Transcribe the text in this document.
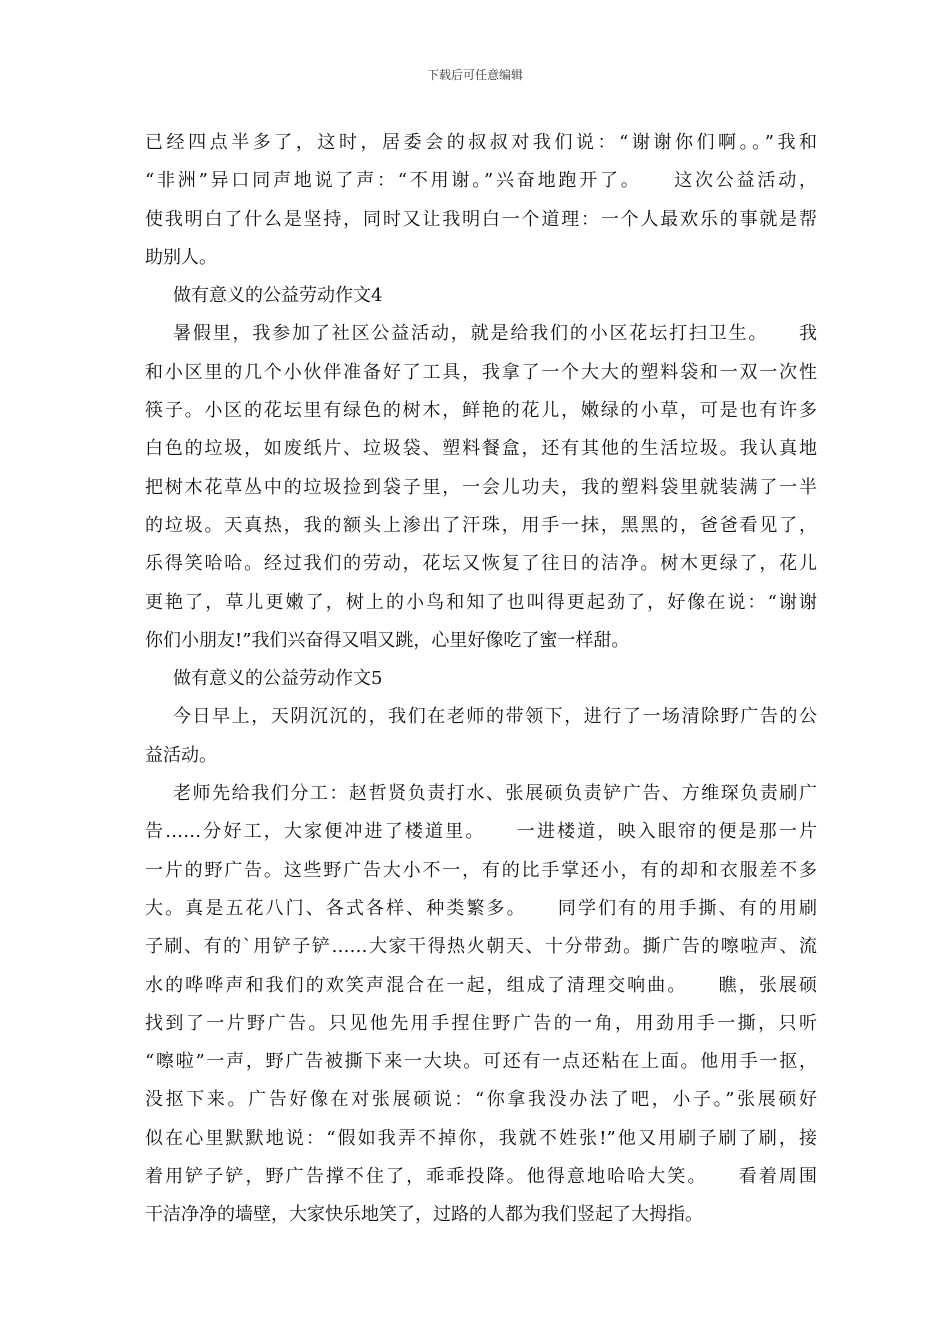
下载后可任意编辑
已经四点半多了，这时，居委会的叔叔对我们说：“谢谢你们啊。。”我和
“非洲”异口同声地说了声：“不用谢。”兴奋地跑开了。　　这次公益活动，
使我明白了什么是坚持，同时又让我明白一个道理：一个人最欢乐的事就是帮
助别人。
做有意义的公益劳动作文4
暑假里，我参加了社区公益活动，就是给我们的小区花坛打扫卫生。　　我
和小区里的几个小伙伴准备好了工具，我拿了一个大大的塑料袋和一双一次性
筷子。小区的花坛里有绿色的树木，鲜艳的花儿，嫩绿的小草，可是也有许多
白色的垃圾，如废纸片、垃圾袋、塑料餐盒，还有其他的生活垃圾。我认真地
把树木花草丛中的垃圾捡到袋子里，一会儿功夫，我的塑料袋里就装满了一半
的垃圾。天真热，我的额头上渗出了汗珠，用手一抹，黑黑的，爸爸看见了，
乐得笑哈哈。经过我们的劳动，花坛又恢复了往日的洁净。树木更绿了，花儿
更艳了，草儿更嫩了，树上的小鸟和知了也叫得更起劲了，好像在说：“谢谢
你们小朋友!”我们兴奋得又唱又跳，心里好像吃了蜜一样甜。
做有意义的公益劳动作文5
今日早上，天阴沉沉的，我们在老师的带领下，进行了一场清除野广告的公
益活动。
老师先给我们分工：赵哲贤负责打水、张展硕负责铲广告、方维琛负责刷广
告……分好工，大家便冲进了楼道里。　　一进楼道，映入眼帘的便是那一片
一片的野广告。这些野广告大小不一，有的比手掌还小，有的却和衣服差不多
大。真是五花八门、各式各样、种类繁多。　　同学们有的用手撕、有的用刷
子刷、有的`用铲子铲……大家干得热火朝天、十分带劲。撕广告的嚓啦声、流
水的哗哗声和我们的欢笑声混合在一起，组成了清理交响曲。　　瞧，张展硕
找到了一片野广告。只见他先用手捏住野广告的一角，用劲用手一撕，只听
“嚓啦”一声，野广告被撕下来一大块。可还有一点还粘在上面。他用手一抠，
没抠下来。广告好像在对张展硕说：“你拿我没办法了吧，小子。”张展硕好
似在心里默默地说：“假如我弄不掉你，我就不姓张!”他又用刷子刷了刷，接
着用铲子铲，野广告撑不住了，乖乖投降。他得意地哈哈大笑。　　看着周围
干洁净净的墙壁，大家快乐地笑了，过路的人都为我们竖起了大拇指。
